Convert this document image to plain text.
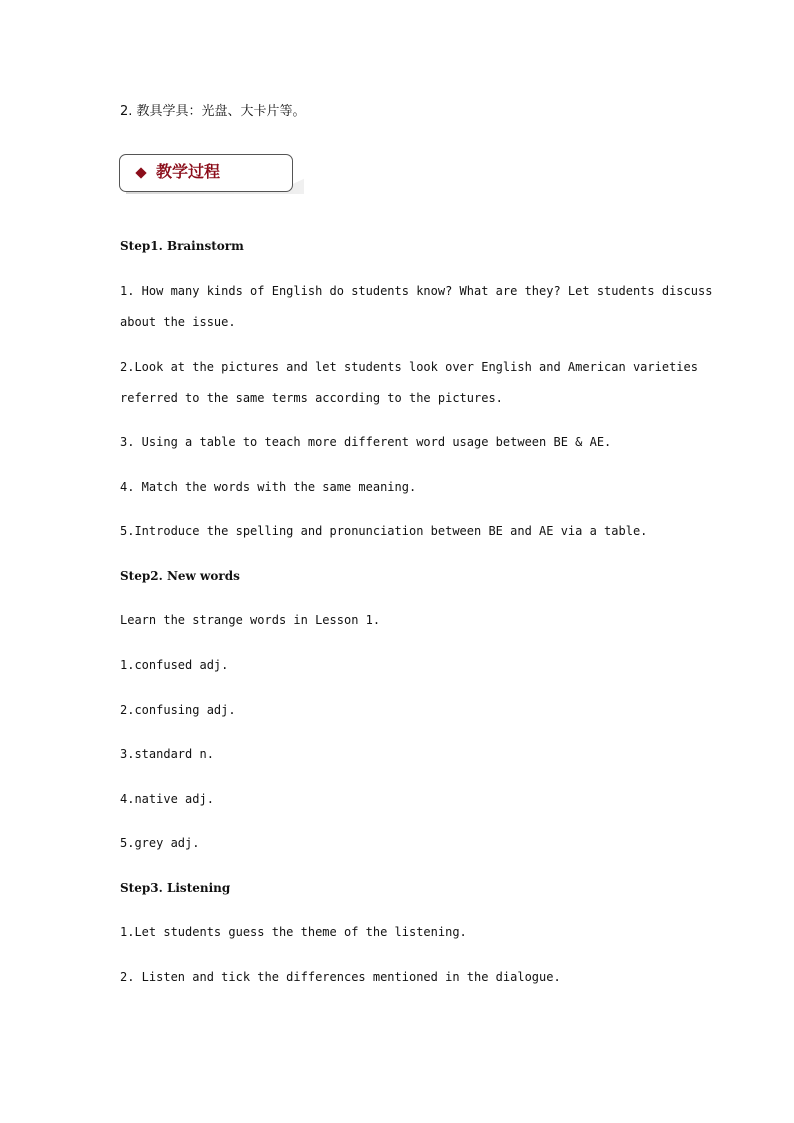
2. 教具学具：光盘、大卡片等。
教学过程
Step1. Brainstorm
1. How many kinds of English do students know? What are they? Let students discuss
about the issue.
2.Look at the pictures and let students look over English and American varieties
referred to the same terms according to the pictures.
3. Using a table to teach more different word usage between BE & AE.
4. Match the words with the same meaning.
5.Introduce the spelling and pronunciation between BE and AE via a table.
Step2. New words
Learn the strange words in Lesson 1.
1.confused adj.
2.confusing adj.
3.standard n.
4.native adj.
5.grey adj.
Step3. Listening
1.Let students guess the theme of the listening.
2. Listen and tick the differences mentioned in the dialogue.
